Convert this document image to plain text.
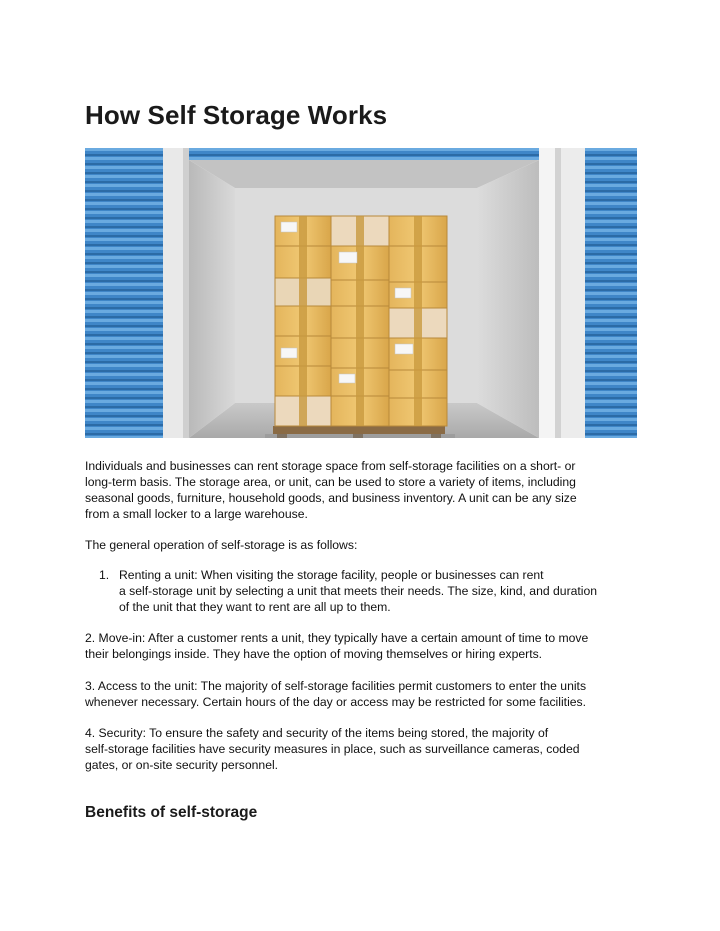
How Self Storage Works

Individuals and businesses can rent storage space from self-storage facilities on a short- or
long-term basis. The storage area, or unit, can be used to store a variety of items, including
seasonal goods, furniture, household goods, and business inventory. A unit can be any size
from a small locker to a large warehouse.

The general operation of self-storage is as follows:

1. Renting a unit: When visiting the storage facility, people or businesses can rent
a self-storage unit by selecting a unit that meets their needs. The size, kind, and duration
of the unit that they want to rent are all up to them.

2. Move-in: After a customer rents a unit, they typically have a certain amount of time to move
their belongings inside. They have the option of moving themselves or hiring experts.

3. Access to the unit: The majority of self-storage facilities permit customers to enter the units
whenever necessary. Certain hours of the day or access may be restricted for some facilities.

4. Security: To ensure the safety and security of the items being stored, the majority of
self-storage facilities have security measures in place, such as surveillance cameras, coded
gates, or on-site security personnel.

Benefits of self-storage
